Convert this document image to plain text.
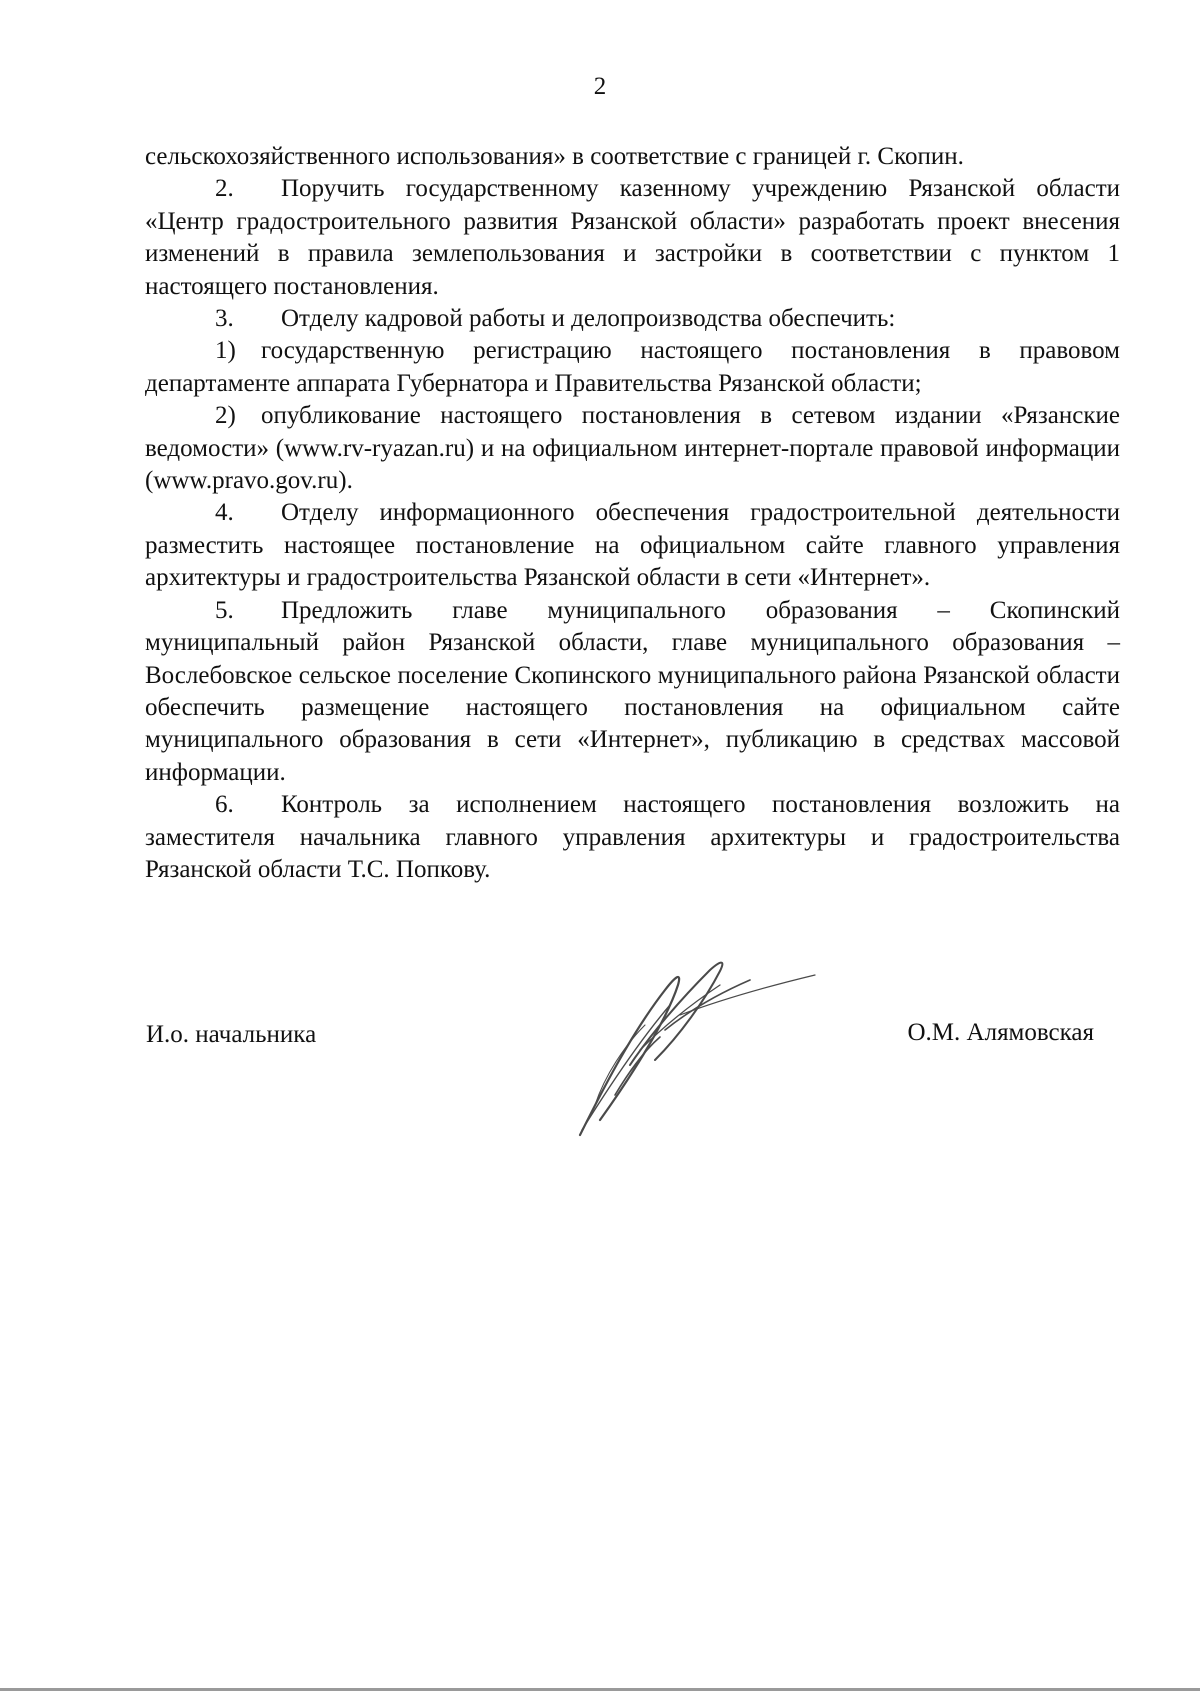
2

сельскохозяйственного использования» в соответствие с границей г. Скопин.

2. Поручить государственному казенному учреждению Рязанской области «Центр градостроительного развития Рязанской области» разработать проект внесения изменений в правила землепользования и застройки в соответствии с пунктом 1 настоящего постановления.

3. Отделу кадровой работы и делопроизводства обеспечить:

1) государственную регистрацию настоящего постановления в правовом департаменте аппарата Губернатора и Правительства Рязанской области;

2) опубликование настоящего постановления в сетевом издании «Рязанские ведомости» (www.rv-ryazan.ru) и на официальном интернет-портале правовой информации (www.pravo.gov.ru).

4. Отделу информационного обеспечения градостроительной деятельности разместить настоящее постановление на официальном сайте главного управления архитектуры и градостроительства Рязанской области в сети «Интернет».

5. Предложить главе муниципального образования – Скопинский муниципальный район Рязанской области, главе муниципального образования – Вослебовское сельское поселение Скопинского муниципального района Рязанской области обеспечить размещение настоящего постановления на официальном сайте муниципального образования в сети «Интернет», публикацию в средствах массовой информации.

6. Контроль за исполнением настоящего постановления возложить на заместителя начальника главного управления архитектуры и градостроительства Рязанской области Т.С. Попкову.

И.о. начальника	О.М. Алямовская
